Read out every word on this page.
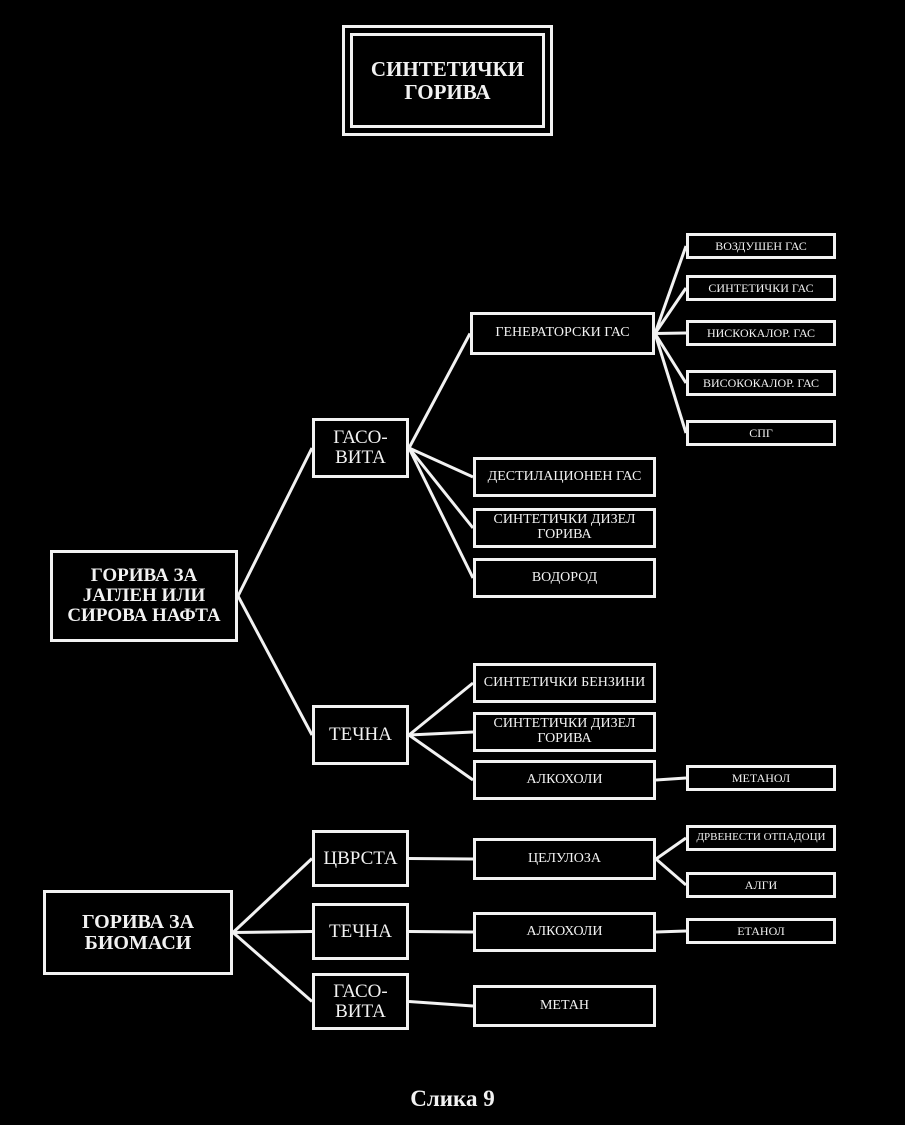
СИНТЕТИЧКИ ГОРИВА
ГОРИВА ЗА ЈАГЛЕН ИЛИ СИРОВА НАФТА
ГОРИВА ЗА БИОМАСИ
ГАСО-ВИТА
ТЕЧНА
ЦВРСТА
ТЕЧНА
ГАСО-ВИТА
ГЕНЕРАТОРСКИ ГАС
ДЕСТИЛАЦИОНЕН ГАС
СИНТЕТИЧКИ ДИЗЕЛ ГОРИВА
ВОДОРОД
СИНТЕТИЧКИ БЕНЗИНИ
СИНТЕТИЧКИ ДИЗЕЛ ГОРИВА
АЛКОХОЛИ
ЦЕЛУЛОЗА
АЛКОХОЛИ
МЕТАН
ВОЗДУШЕН ГАС
СИНТЕТИЧКИ ГАС
НИСКОКАЛОР. ГАС
ВИСОКОКАЛОР. ГАС
СПГ
МЕТАНОЛ
ДРВЕНЕСТИ ОТПАДОЦИ
АЛГИ
ЕТАНОЛ
Слика 9
